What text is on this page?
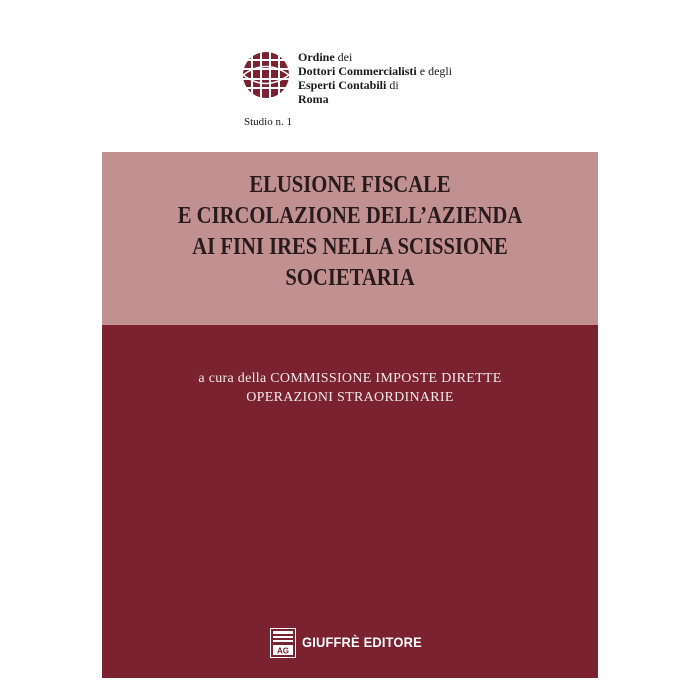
Ordine dei
Dottori Commercialisti e degli
Esperti Contabili di
Roma
Studio n. 1
ELUSIONE FISCALE
E CIRCOLAZIONE DELL’AZIENDA
AI FINI IRES NELLA SCISSIONE
SOCIETARIA
a cura della COMMISSIONE IMPOSTE DIRETTE
OPERAZIONI STRAORDINARIE
AG
GIUFFRÈ EDITORE
